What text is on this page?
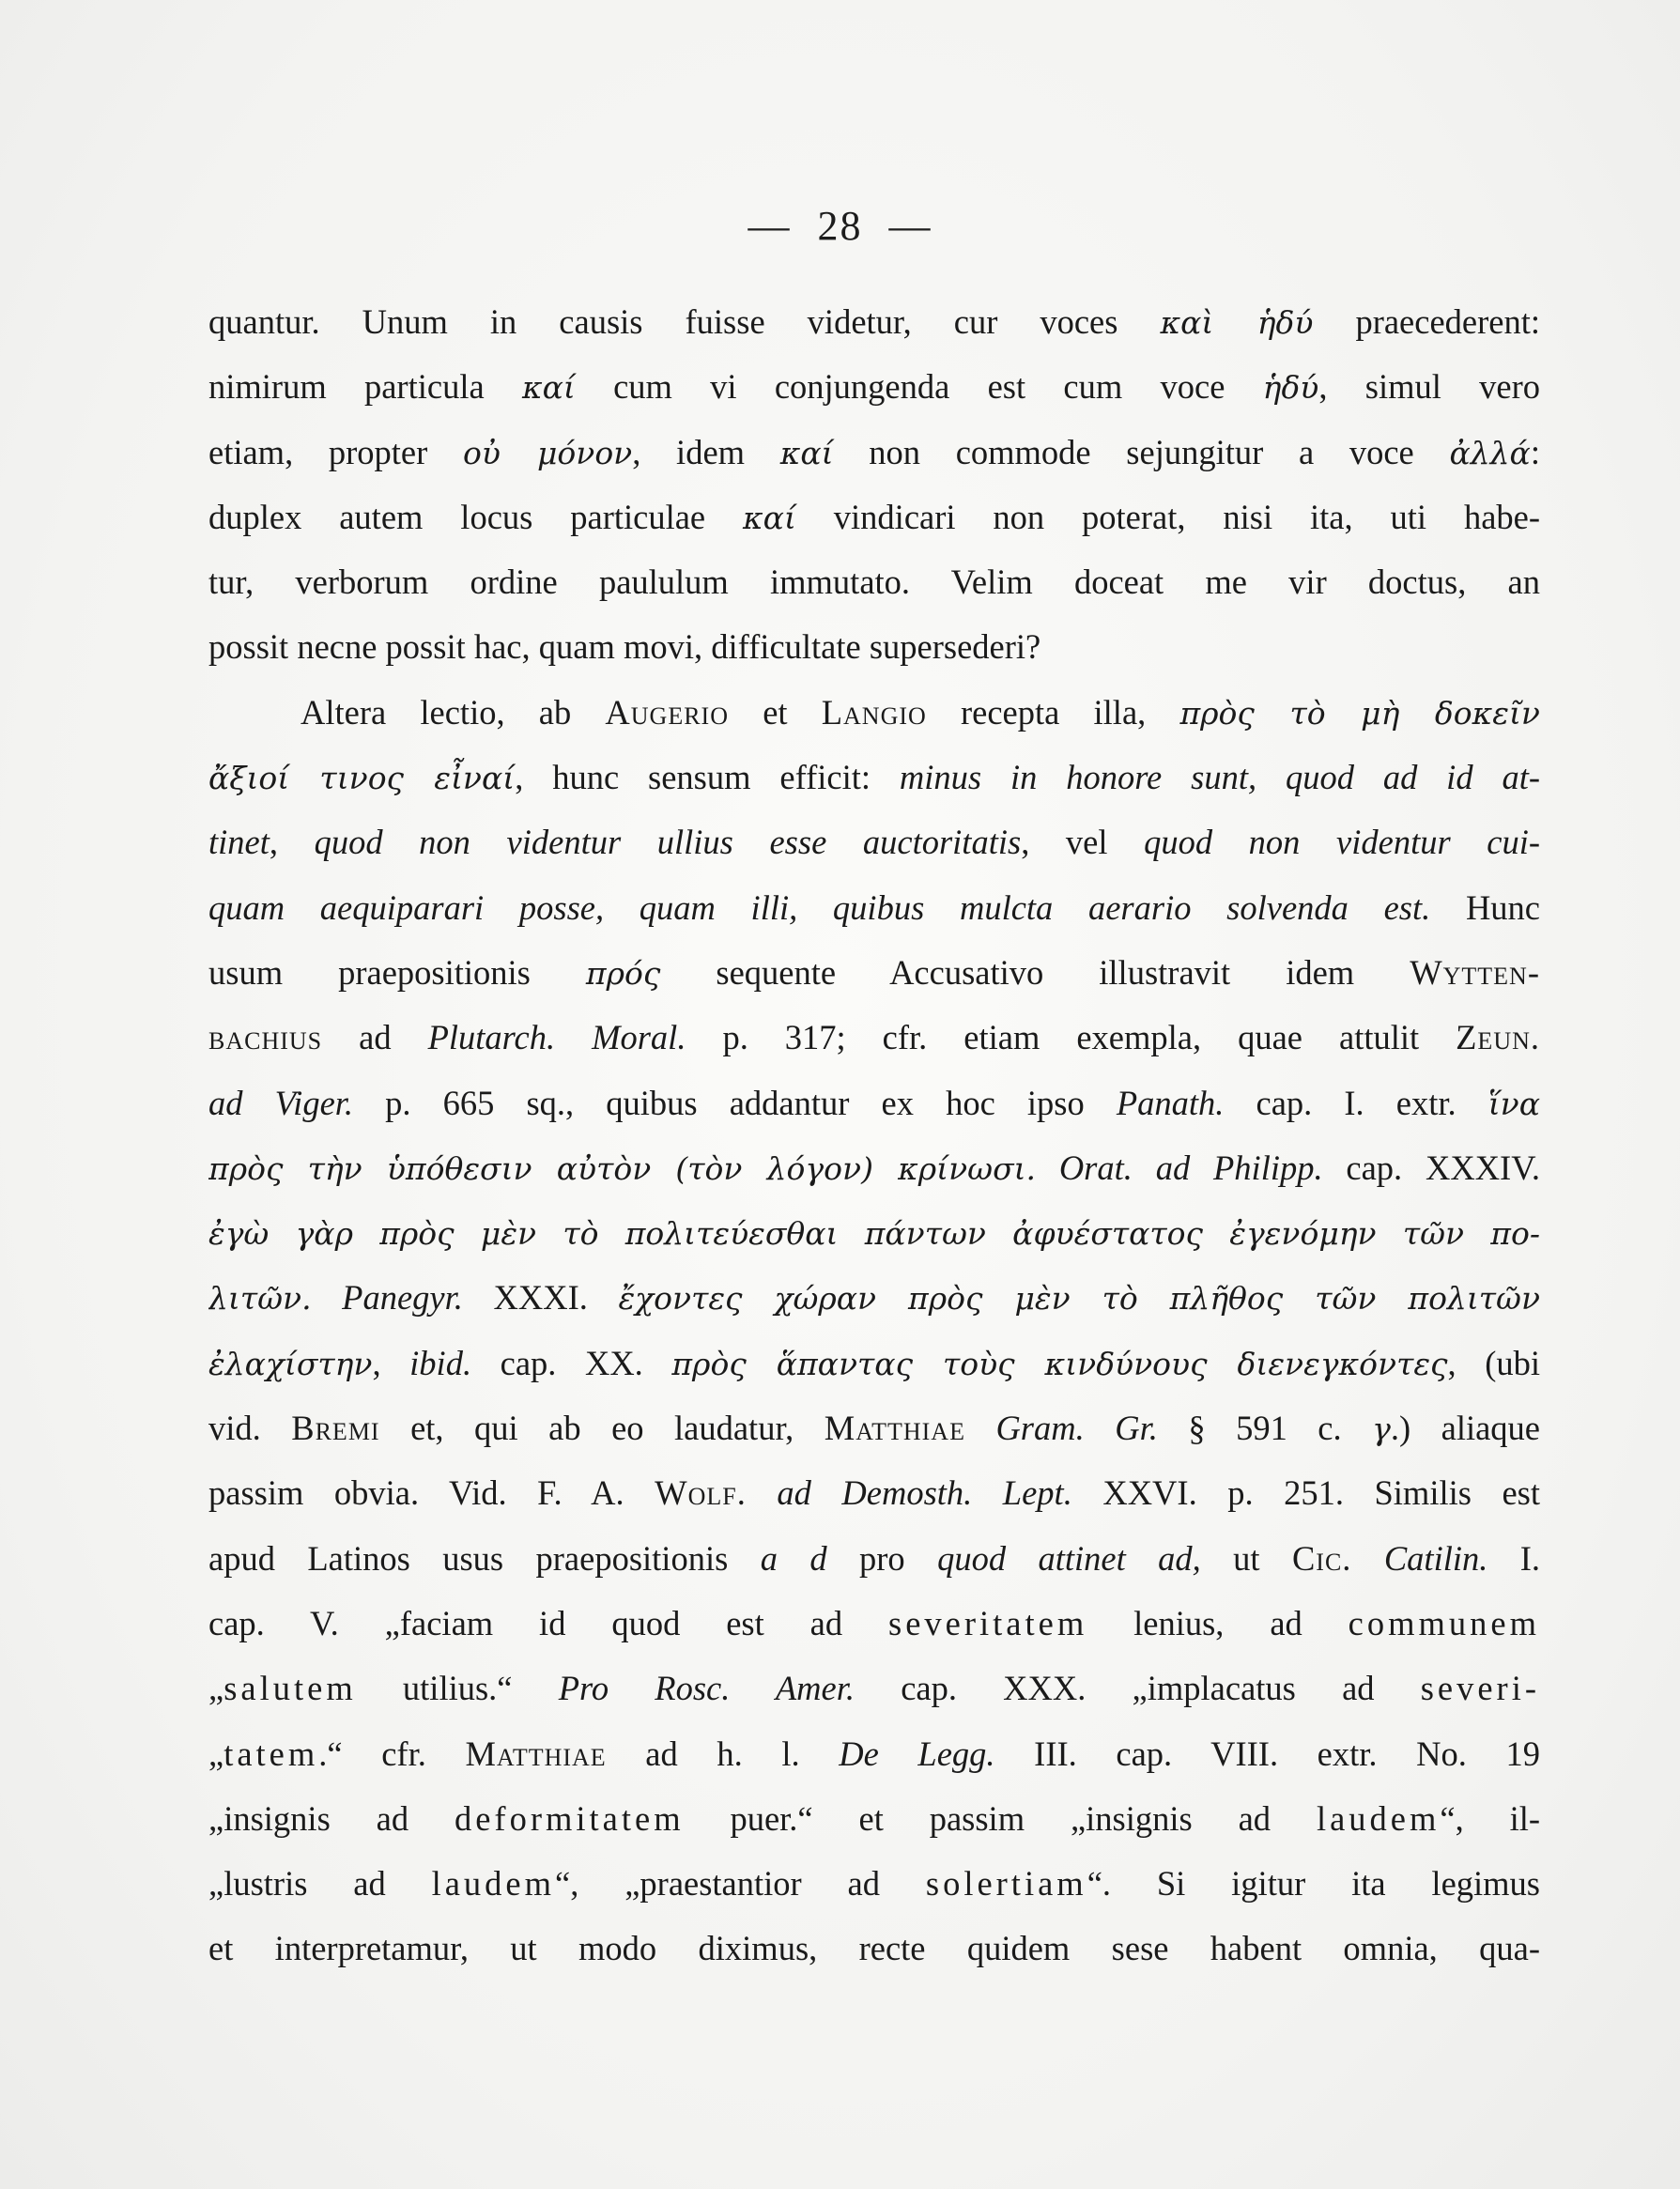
— 28 —
quantur. Unum in causis fuisse videtur, cur voces καὶ ἡδύ praecederent:
nimirum particula καί cum vi conjungenda est cum voce ἡδύ, simul vero
etiam, propter οὐ μόνον, idem καί non commode sejungitur a voce ἀλλά:
duplex autem locus particulae καί vindicari non poterat, nisi ita, uti habe-
tur, verborum ordine paululum immutato. Velim doceat me vir doctus, an
possit necne possit hac, quam movi, difficultate supersederi?
Altera lectio, ab Augerio et Langio recepta illa, πρὸς τὸ μὴ δοκεῖν
ἄξιοί τινος εἶναί, hunc sensum efficit: minus in honore sunt, quod ad id at-
tinet, quod non videntur ullius esse auctoritatis, vel quod non videntur cui-
quam aequiparari posse, quam illi, quibus mulcta aerario solvenda est. Hunc
usum praepositionis πρός sequente Accusativo illustravit idem Wytten-
bachius ad Plutarch. Moral. p. 317; cfr. etiam exempla, quae attulit Zeun.
ad Viger. p. 665 sq., quibus addantur ex hoc ipso Panath. cap. I. extr. ἵνα
πρὸς τὴν ὑπόθεσιν αὐτὸν (τὸν λόγον) κρίνωσι. Orat. ad Philipp. cap. XXXIV.
ἐγὼ γὰρ πρὸς μὲν τὸ πολιτεύεσθαι πάντων ἀφυέστατος ἐγενόμην τῶν πο-
λιτῶν. Panegyr. XXXI. ἔχοντες χώραν πρὸς μὲν τὸ πλῆθος τῶν πολιτῶν
ἐλαχίστην, ibid. cap. XX. πρὸς ἅπαντας τοὺς κινδύνους διενεγκόντες, (ubi
vid. Bremi et, qui ab eo laudatur, Matthiae Gram. Gr. § 591 c. γ.) aliaque
passim obvia. Vid. F. A. Wolf. ad Demosth. Lept. XXVI. p. 251. Similis est
apud Latinos usus praepositionis a d pro quod attinet ad, ut Cic. Catilin. I.
cap. V. „faciam id quod est ad severitatem lenius, ad communem
„salutem utilius.“ Pro Rosc. Amer. cap. XXX. „implacatus ad severi-
„tatem.“ cfr. Matthiae ad h. l. De Legg. III. cap. VIII. extr. No. 19
„insignis ad deformitatem puer.“ et passim „insignis ad laudem“, il-
„lustris ad laudem“, „praestantior ad solertiam“. Si igitur ita legimus
et interpretamur, ut modo diximus, recte quidem sese habent omnia, qua-
